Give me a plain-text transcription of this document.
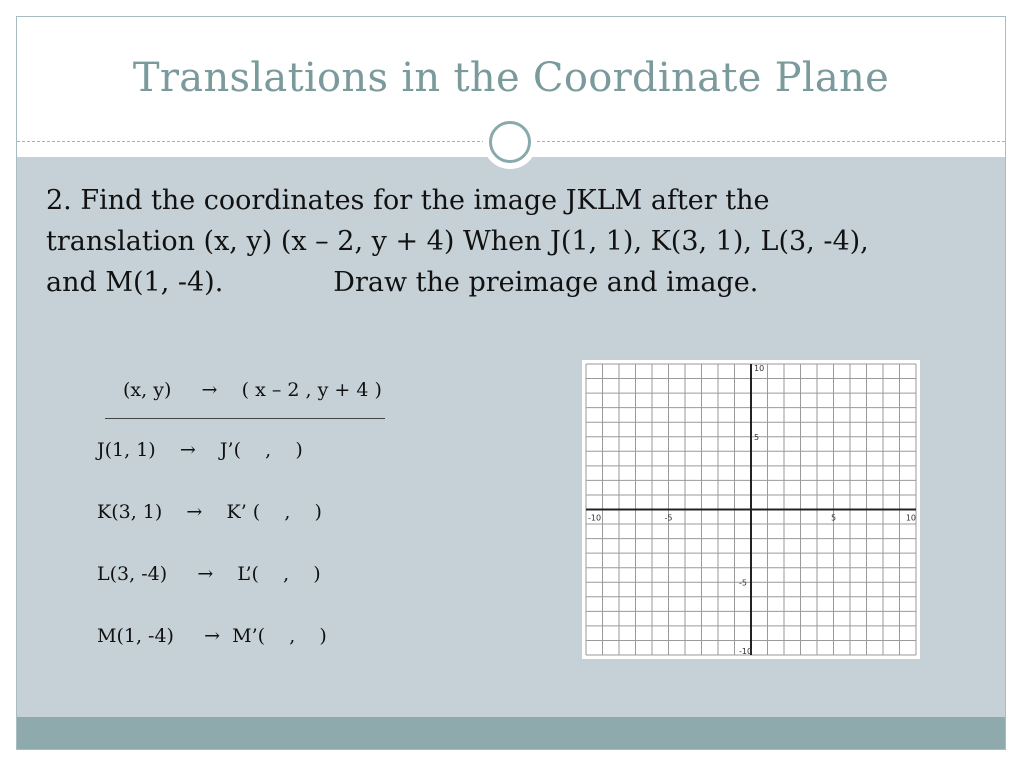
Translations in the Coordinate Plane

2. Find the coordinates for the image JKLM after the
translation (x, y) (x – 2, y + 4) When J(1, 1), K(3, 1), L(3, -4),
and M(1, -4).	Draw the preimage and image.

(x, y)     →    ( x – 2 , y + 4 )
J(1, 1)    →    J’(    ,    )
K(3, 1)    →    K’ (    ,    )
L(3, -4)     →    L’(    ,    )
M(1, -4)     →  M’(    ,    )
-10	-5	5	10
10
5
-5
-10
